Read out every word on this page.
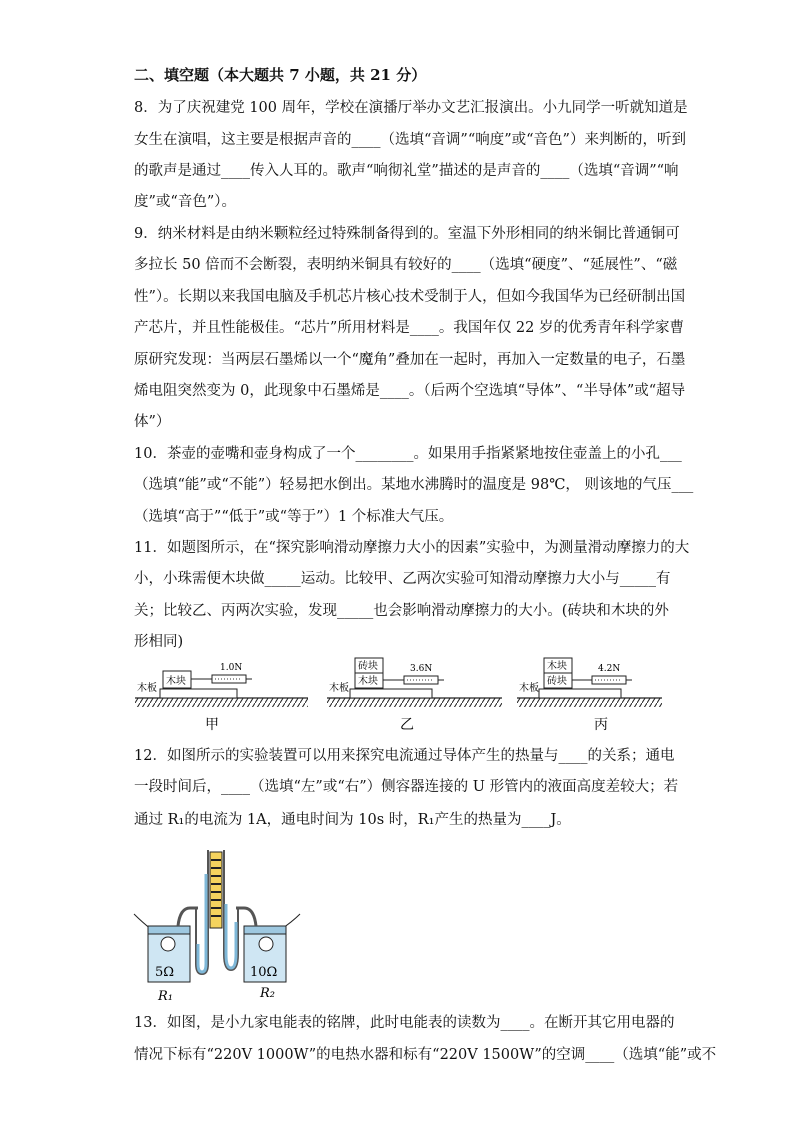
二、填空题（本大题共 7 小题，共 21 分）
8．为了庆祝建党 100 周年，学校在演播厅举办文艺汇报演出。小九同学一听就知道是
女生在演唱，这主要是根据声音的____（选填“音调”“响度”或“音色”）来判断的，听到
的歌声是通过____传入人耳的。歌声“响彻礼堂”描述的是声音的____（选填“音调”“响
度”或“音色”）。
9．纳米材料是由纳米颗粒经过特殊制备得到的。室温下外形相同的纳米铜比普通铜可
多拉长 50 倍而不会断裂，表明纳米铜具有较好的____（选填“硬度”、“延展性”、“磁
性”）。长期以来我国电脑及手机芯片核心技术受制于人，但如今我国华为已经研制出国
产芯片，并且性能极佳。“芯片”所用材料是____。我国年仅 22 岁的优秀青年科学家曹
原研究发现：当两层石墨烯以一个“魔角”叠加在一起时，再加入一定数量的电子，石墨
烯电阻突然变为 0，此现象中石墨烯是____。（后两个空选填“导体”、“半导体”或“超导
体”）
10．茶壶的壶嘴和壶身构成了一个________。如果用手指紧紧地按住壶盖上的小孔___
（选填“能”或“不能”）轻易把水倒出。某地水沸腾时的温度是 98℃， 则该地的气压___
（选填“高于”“低于”或“等于”）1 个标准大气压。
11．如题图所示，在“探究影响滑动摩擦力大小的因素”实验中，为测量滑动摩擦力的大
小，小珠需便木块做_____运动。比较甲、乙两次实验可知滑动摩擦力大小与_____有
关；比较乙、丙两次实验，发现_____也会影响滑动摩擦力的大小。(砖块和木块的外
形相同)
木板
木块
1.0N
甲
木板
砖块
木块
3.6N
乙
木板
木块
砖块
4.2N
丙
12．如图所示的实验装置可以用来探究电流通过导体产生的热量与____的关系；通电
一段时间后，____（选填“左”或“右”）侧容器连接的 U 形管内的液面高度差较大；若
通过 R₁的电流为 1A，通电时间为 10s 时，R₁产生的热量为____J。
5Ω	10Ω
R₁	R₂
13．如图，是小九家电能表的铭牌，此时电能表的读数为____。在断开其它用电器的
情况下标有“220V 1000W”的电热水器和标有“220V 1500W”的空调____（选填“能”或不
